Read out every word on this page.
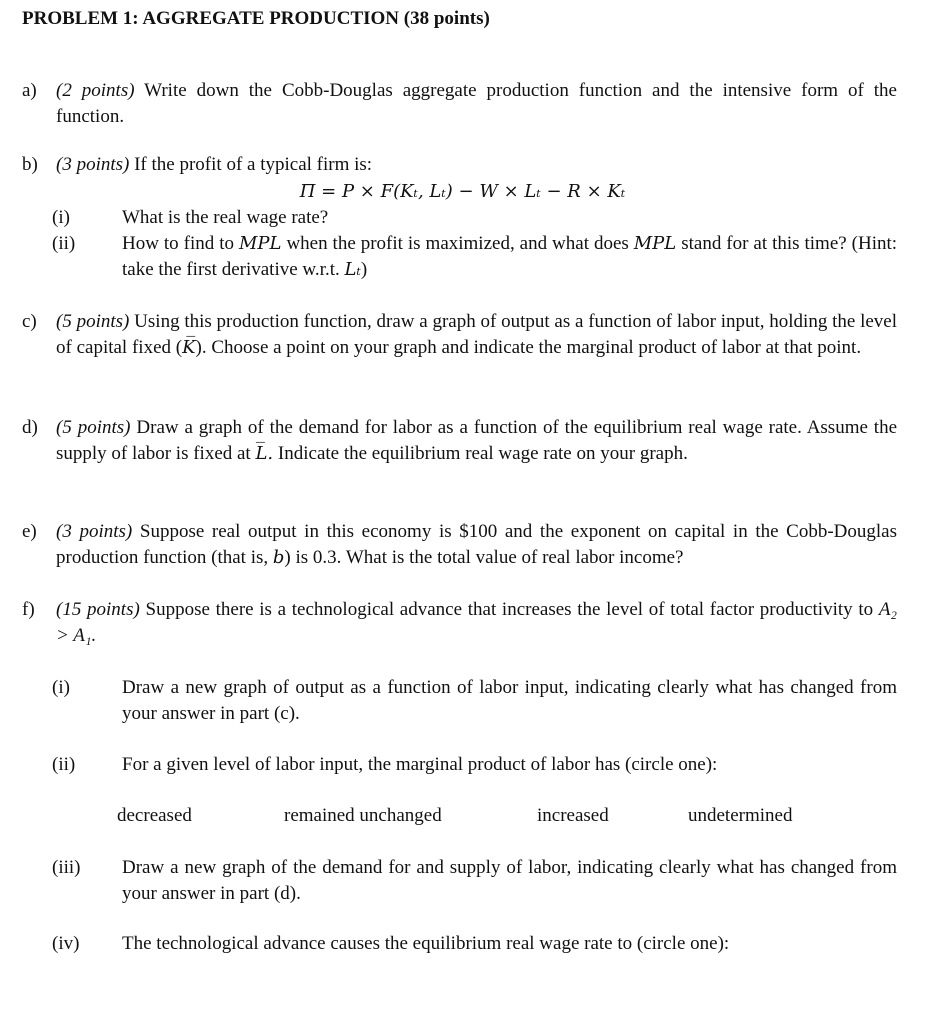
PROBLEM 1: AGGREGATE PRODUCTION (38 points)
a)	(2 points) Write down the Cobb-Douglas aggregate production function and the intensive form of the function.
b) (3 points) If the profit of a typical firm is:
Π = P × F(Kₜ, Lₜ) − W × Lₜ − R × Kₜ
(i)	What is the real wage rate?
(ii)	How to find to MPL when the profit is maximized, and what does MPL stand for at this time? (Hint: take the first derivative w.r.t. Lₜ)
c)	(5 points) Using this production function, draw a graph of output as a function of labor input, holding the level of capital fixed (K̅). Choose a point on your graph and indicate the marginal product of labor at that point.
d) (5 points) Draw a graph of the demand for labor as a function of the equilibrium real wage rate. Assume the supply of labor is fixed at L̅. Indicate the equilibrium real wage rate on your graph.
e)	(3 points) Suppose real output in this economy is $100 and the exponent on capital in the Cobb-Douglas production function (that is, b) is 0.3. What is the total value of real labor income?
f)	(15 points) Suppose there is a technological advance that increases the level of total factor productivity to A₂ > A₁.
(i)	Draw a new graph of output as a function of labor input, indicating clearly what has changed from your answer in part (c).
(ii)	For a given level of labor input, the marginal product of labor has (circle one):
decreased	remained unchanged	increased	undetermined
(iii)	Draw a new graph of the demand for and supply of labor, indicating clearly what has changed from your answer in part (d).
(iv)	The technological advance causes the equilibrium real wage rate to (circle one):
